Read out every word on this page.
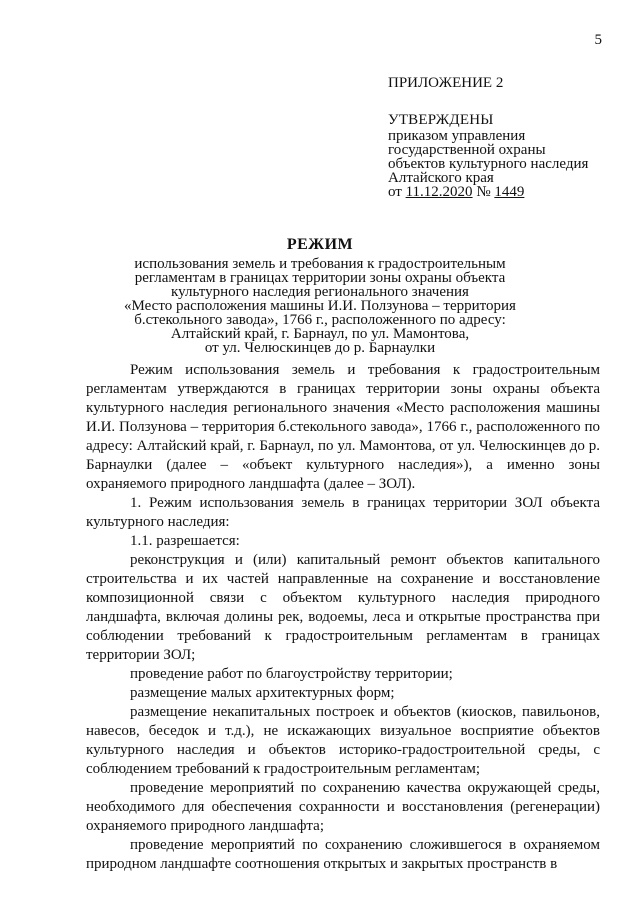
5
ПРИЛОЖЕНИЕ 2
УТВЕРЖДЕНЫ
приказом управления
государственной охраны
объектов культурного наследия
Алтайского края
от 11.12.2020 № 1449
РЕЖИМ
использования земель и требования к градостроительным
регламентам в границах территории зоны охраны объекта
культурного наследия регионального значения
«Место расположения машины И.И. Ползунова – территория
б.стекольного завода», 1766 г., расположенного по адресу:
Алтайский край, г. Барнаул, по ул. Мамонтова,
от ул. Челюскинцев до р. Барнаулки

Режим использования земель и требования к градостроительным регламентам утверждаются в границах территории зоны охраны объекта культурного наследия регионального значения «Место расположения машины И.И. Ползунова – территория б.стекольного завода», 1766 г., расположенного по адресу: Алтайский край, г. Барнаул, по ул. Мамонтова, от ул. Челюскинцев до р. Барнаулки (далее – «объект культурного наследия»), а именно зоны охраняемого природного ландшафта (далее – ЗОЛ).

1. Режим использования земель в границах территории ЗОЛ объекта культурного наследия:

1.1. разрешается:

реконструкция и (или) капитальный ремонт объектов капитального строительства и их частей направленные на сохранение и восстановление композиционной связи с объектом культурного наследия природного ландшафта, включая долины рек, водоемы, леса и открытые пространства при соблюдении требований к градостроительным регламентам в границах территории ЗОЛ;

проведение работ по благоустройству территории;

размещение малых архитектурных форм;

размещение некапитальных построек и объектов (киосков, павильонов, навесов, беседок и т.д.), не искажающих визуальное восприятие объектов культурного наследия и объектов историко-градостроительной среды, с соблюдением требований к градостроительным регламентам;

проведение мероприятий по сохранению качества окружающей среды, необходимого для обеспечения сохранности и восстановления (регенерации) охраняемого природного ландшафта;

проведение мероприятий по сохранению сложившегося в охраняемом природном ландшафте соотношения открытых и закрытых пространств в
